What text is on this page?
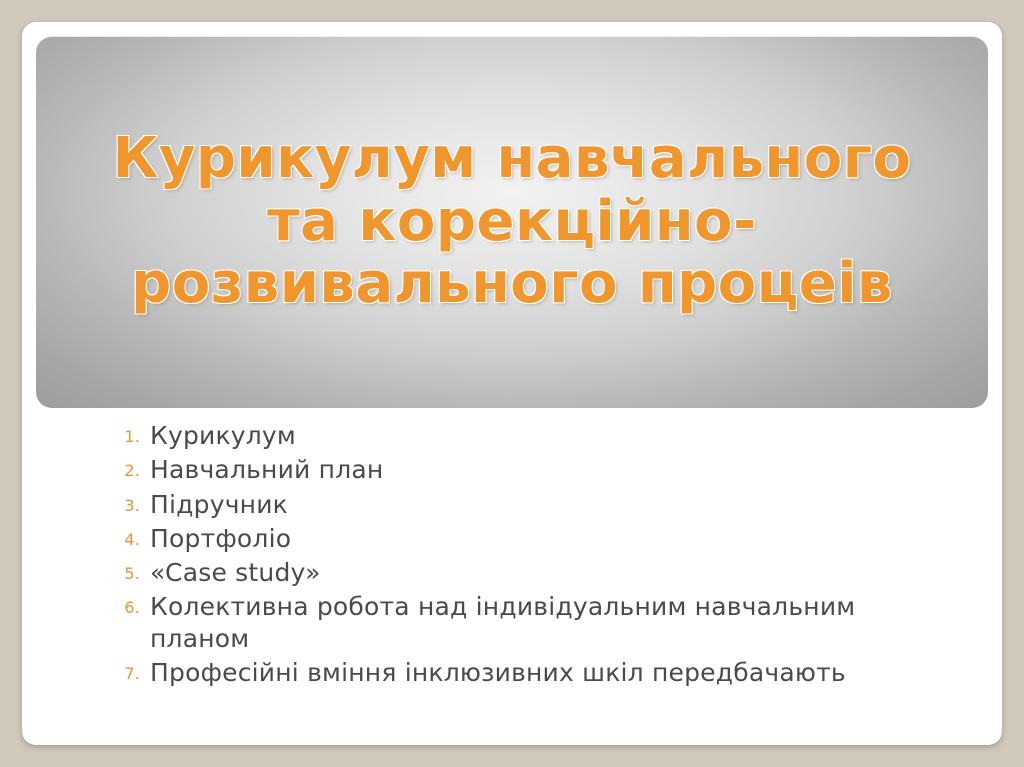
Курикулум навчального та корекційно-розвивального процеів
Курикулум
Навчальний план
Підручник
Портфоліо
«Case study»
Колективна робота над індивідуальним навчальним планом
Професійні вміння інклюзивних шкіл передбачають
